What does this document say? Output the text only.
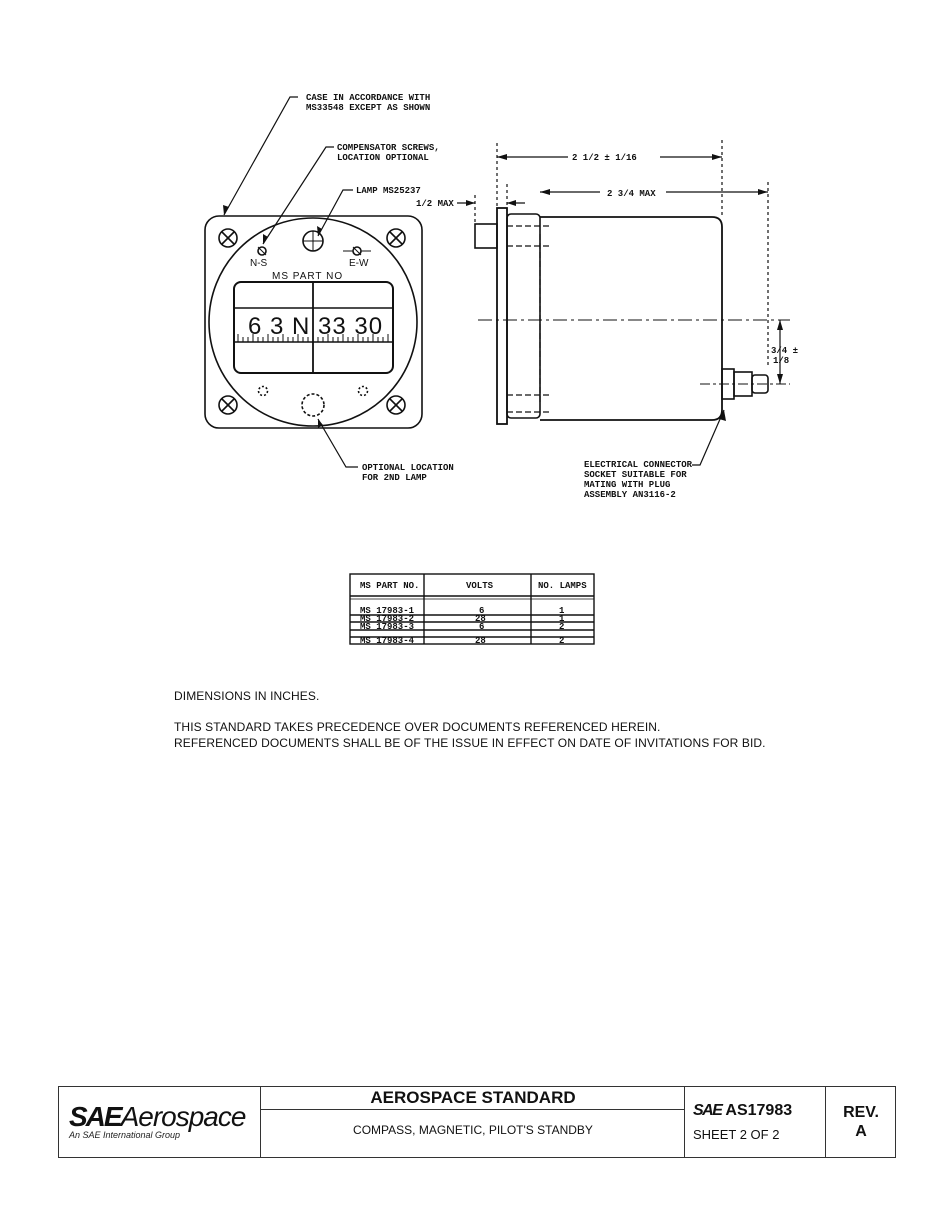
CASE IN ACCORDANCE WITH
MS33548 EXCEPT AS SHOWN
COMPENSATOR SCREWS,
LOCATION OPTIONAL
LAMP MS25237
1/2 MAX
N-S	E-W
MS PART NO
6 3 N 33 30
OPTIONAL LOCATION
FOR 2ND LAMP
ELECTRICAL CONNECTOR
SOCKET SUITABLE FOR
MATING WITH PLUG
ASSEMBLY AN3116-2
2 1/2 ± 1/16
2 3/4 MAX
3/4 ±
1/8
MS PART NO.	VOLTS	NO. LAMPS
MS 17983-1	6	1
MS 17983-2	28	1
MS 17983-3	6	2
MS 17983-4	28	2
DIMENSIONS IN INCHES.
THIS STANDARD TAKES PRECEDENCE OVER DOCUMENTS REFERENCED HEREIN.
REFERENCED DOCUMENTS SHALL BE OF THE ISSUE IN EFFECT ON DATE OF INVITATIONS FOR BID.
SAEAerospace
An SAE International Group
AEROSPACE STANDARD
COMPASS, MAGNETIC, PILOT'S STANDBY
SAE AS17983
SHEET 2 OF 2
REV.
A
